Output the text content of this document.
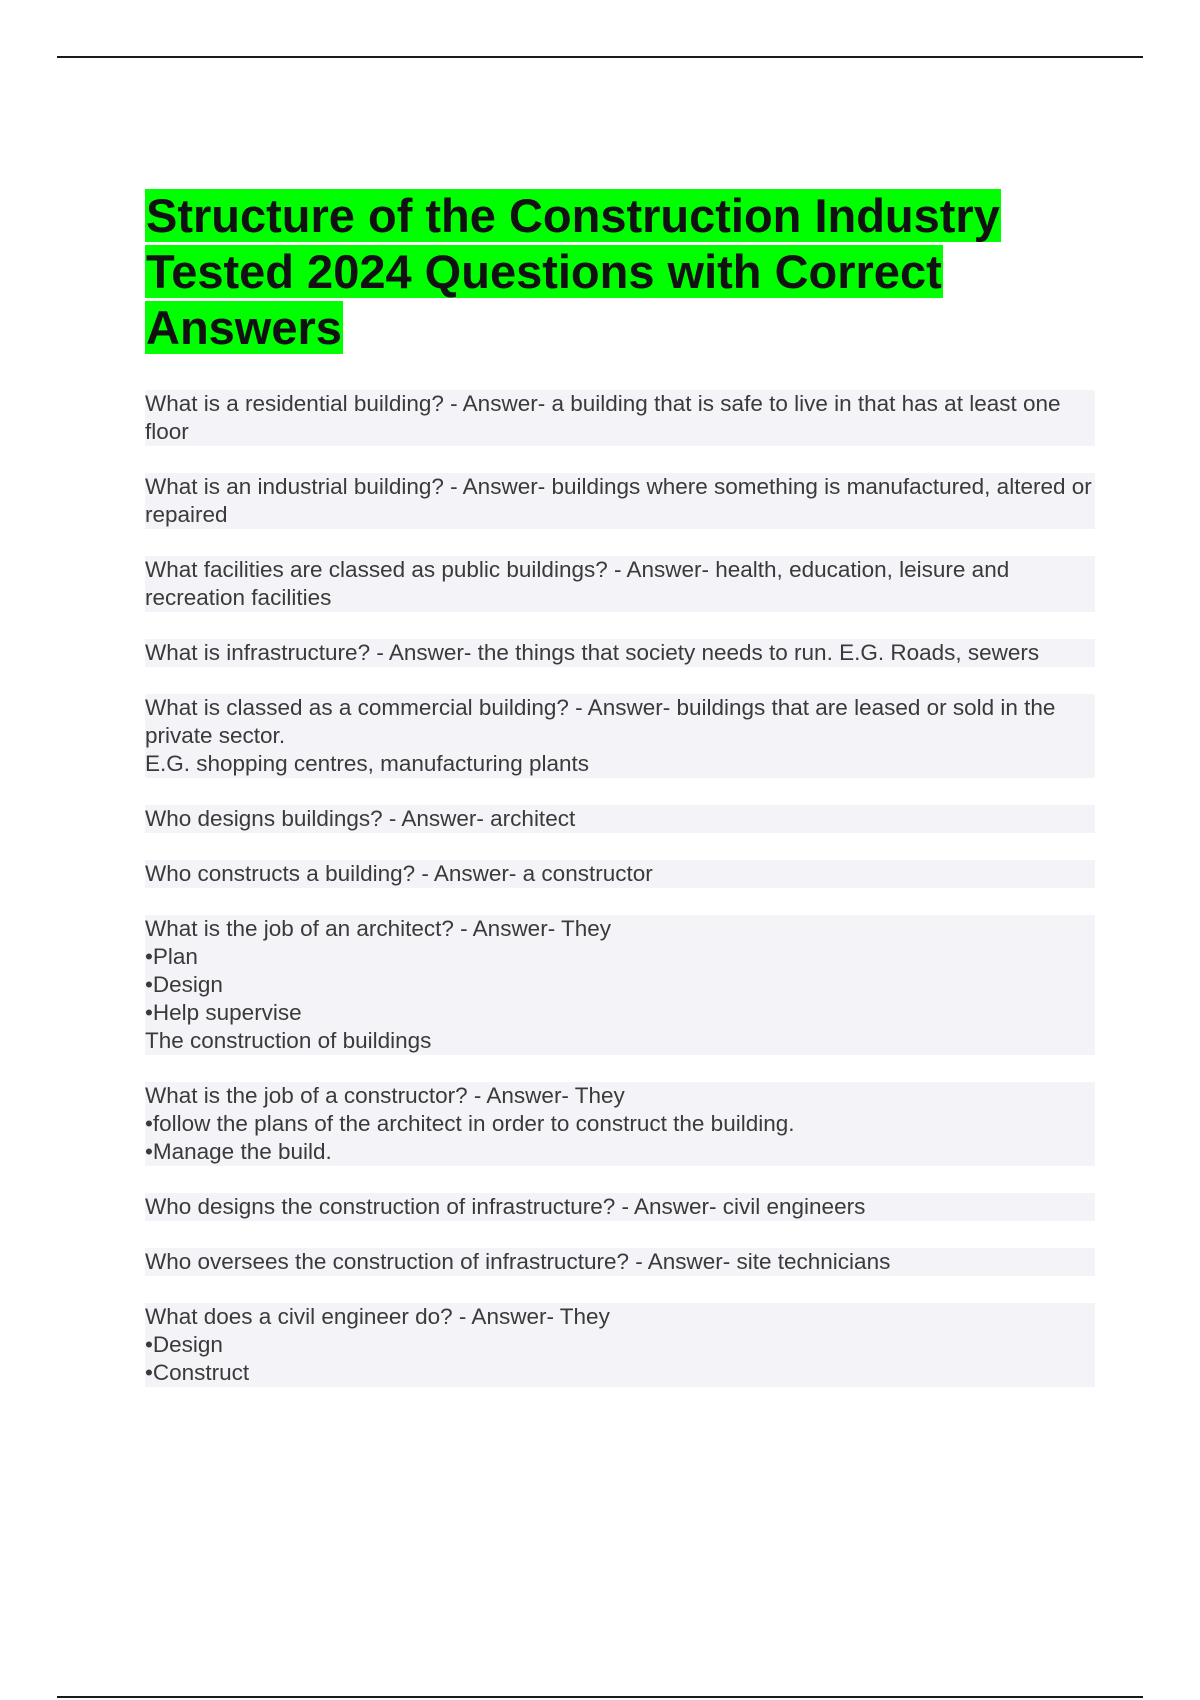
Structure of the Construction Industry Tested 2024 Questions with Correct Answers
What is a residential building? - Answer- a building that is safe to live in that has at least one floor
What is an industrial building? - Answer- buildings where something is manufactured, altered or repaired
What facilities are classed as public buildings? - Answer- health, education, leisure and recreation facilities
What is infrastructure? - Answer- the things that society needs to run. E.G. Roads, sewers
What is classed as a commercial building? - Answer- buildings that are leased or sold in the private sector.
E.G. shopping centres, manufacturing plants
Who designs buildings? - Answer- architect
Who constructs a building? - Answer- a constructor
What is the job of an architect? - Answer- They
•Plan
•Design
•Help supervise
The construction of buildings
What is the job of a constructor? - Answer- They
•follow the plans of the architect in order to construct the building.
•Manage the build.
Who designs the construction of infrastructure? - Answer- civil engineers
Who oversees the construction of infrastructure? - Answer- site technicians
What does a civil engineer do? - Answer- They
•Design
•Construct
